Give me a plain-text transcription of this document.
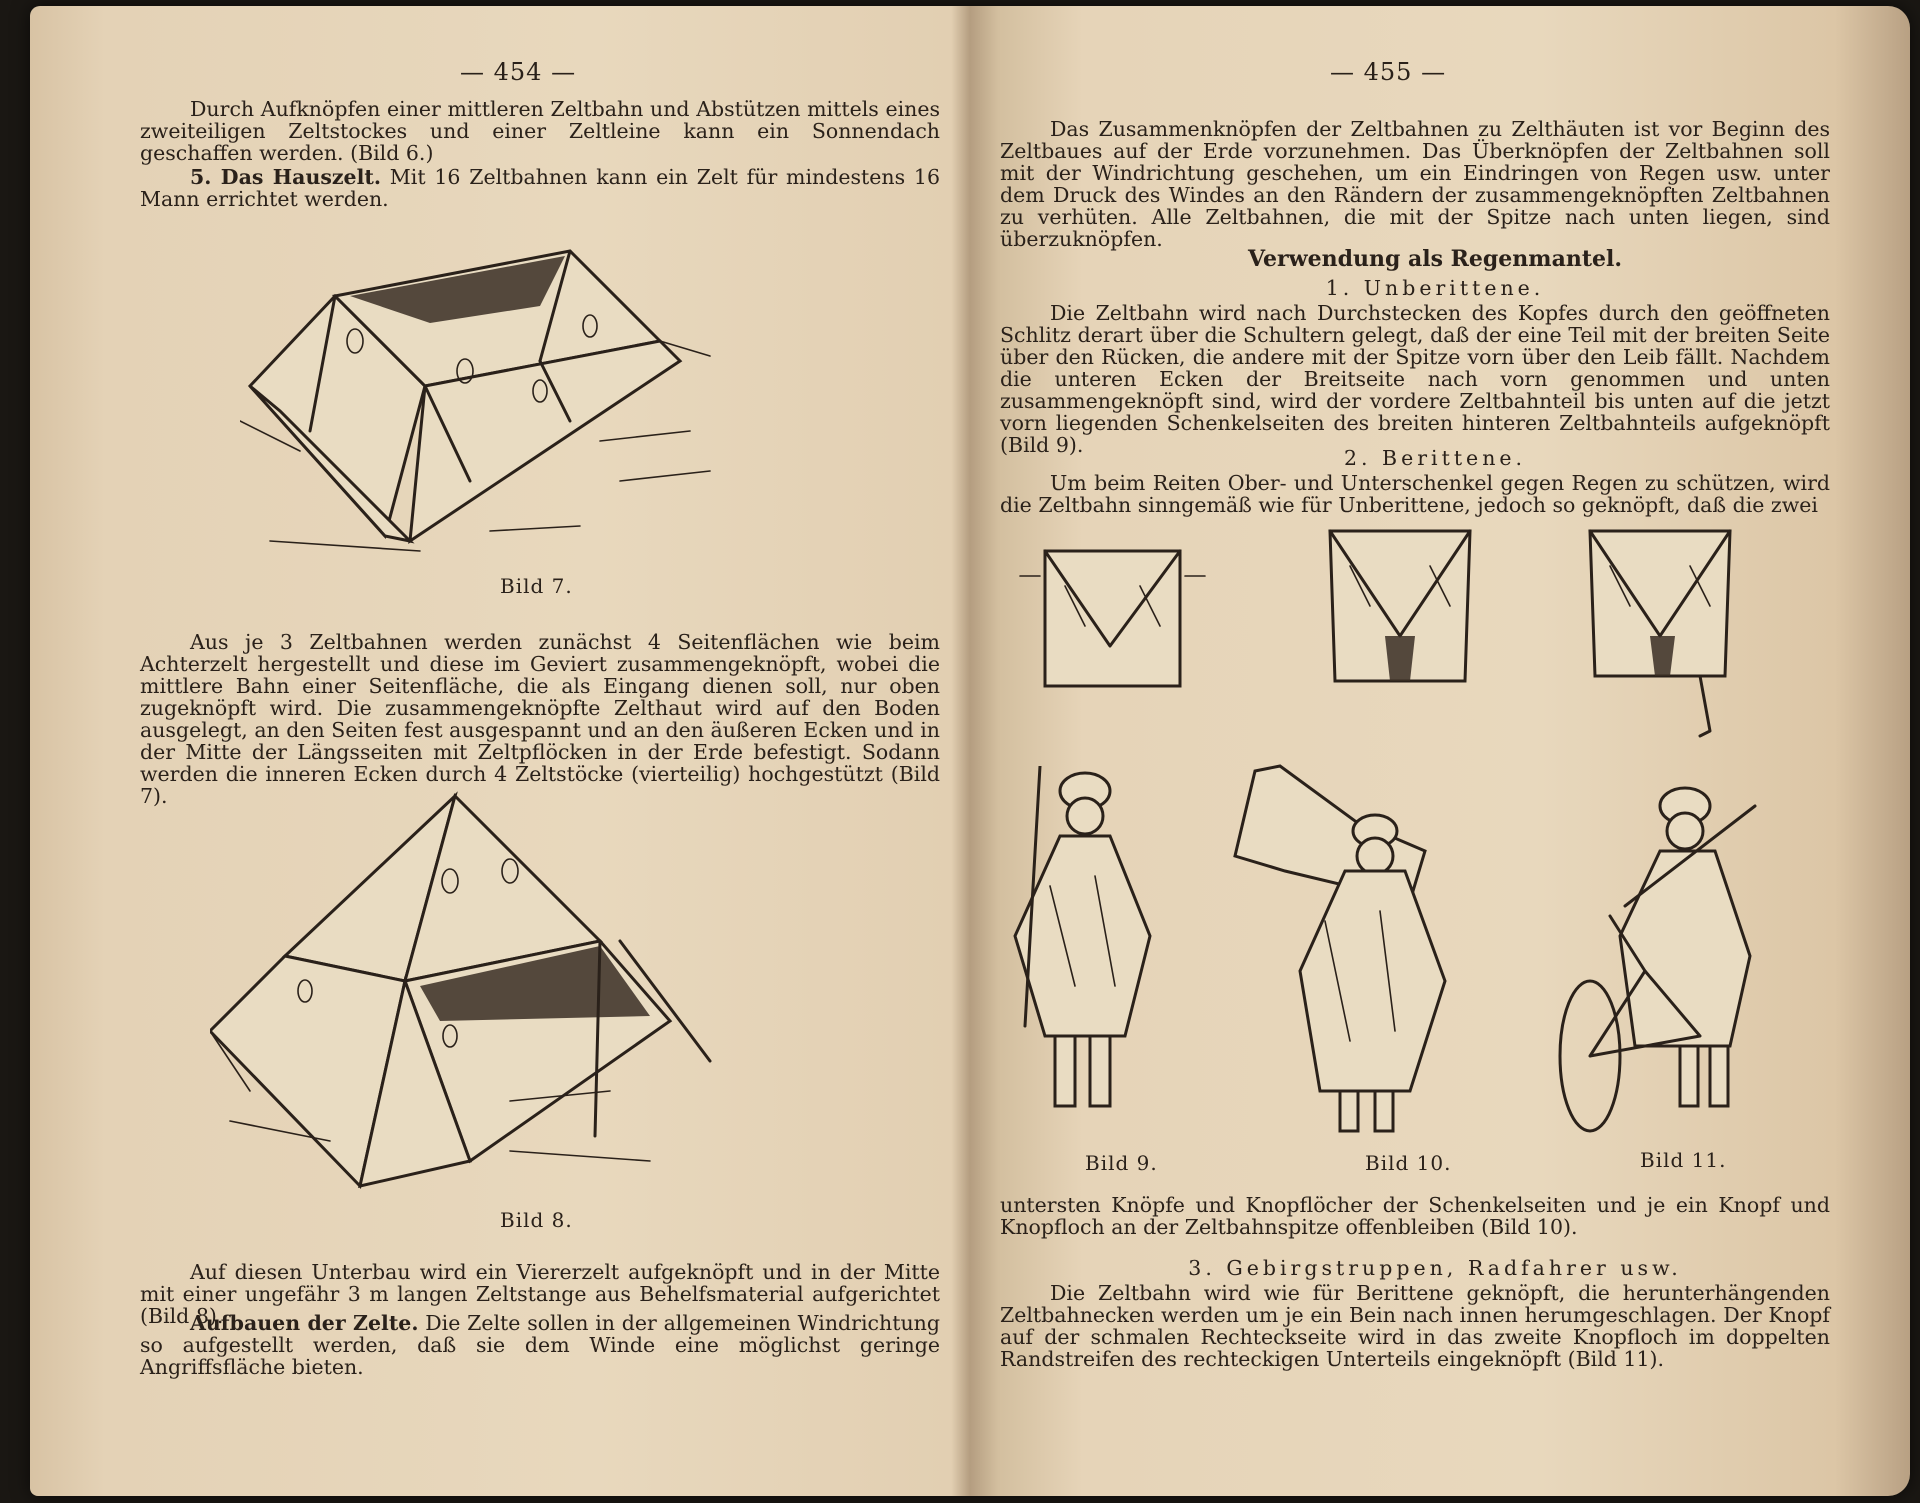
— 454 —

Durch Aufknöpfen einer mittleren Zeltbahn und Abstützen mittels eines zweiteiligen Zeltstockes und einer Zeltleine kann ein Sonnendach geschaffen werden. (Bild 6.)

5. Das Hauszelt. Mit 16 Zeltbahnen kann ein Zelt für mindestens 16 Mann errichtet werden.

Bild 7.

Aus je 3 Zeltbahnen werden zunächst 4 Seitenflächen wie beim Achterzelt hergestellt und diese im Geviert zusammengeknöpft, wobei die mittlere Bahn einer Seitenfläche, die als Eingang dienen soll, nur oben zugeknöpft wird. Die zusammengeknöpfte Zelthaut wird auf den Boden ausgelegt, an den Seiten fest ausgespannt und an den äußeren Ecken und in der Mitte der Längsseiten mit Zeltpflöcken in der Erde befestigt. Sodann werden die inneren Ecken durch 4 Zeltstöcke (vierteilig) hochgestützt (Bild 7).

Bild 8.

Auf diesen Unterbau wird ein Viererzelt aufgeknöpft und in der Mitte mit einer ungefähr 3 m langen Zeltstange aus Behelfsmaterial aufgerichtet (Bild 8).

Aufbauen der Zelte. Die Zelte sollen in der allgemeinen Windrichtung so aufgestellt werden, daß sie dem Winde eine möglichst geringe Angriffsfläche bieten.

— 455 —

Das Zusammenknöpfen der Zeltbahnen zu Zelthäuten ist vor Beginn des Zeltbaues auf der Erde vorzunehmen. Das Überknöpfen der Zeltbahnen soll mit der Windrichtung geschehen, um ein Eindringen von Regen usw. unter dem Druck des Windes an den Rändern der zusammengeknöpften Zeltbahnen zu verhüten. Alle Zeltbahnen, die mit der Spitze nach unten liegen, sind überzuknöpfen.

Verwendung als Regenmantel.
1. Unberittene.

Die Zeltbahn wird nach Durchstecken des Kopfes durch den geöffneten Schlitz derart über die Schultern gelegt, daß der eine Teil mit der breiten Seite über den Rücken, die andere mit der Spitze vorn über den Leib fällt. Nachdem die unteren Ecken der Breitseite nach vorn genommen und unten zusammengeknöpft sind, wird der vordere Zeltbahnteil bis unten auf die jetzt vorn liegenden Schenkelseiten des breiten hinteren Zeltbahnteils aufgeknöpft (Bild 9).

2. Berittene.

Um beim Reiten Ober- und Unterschenkel gegen Regen zu schützen, wird die Zeltbahn sinngemäß wie für Unberittene, jedoch so geknöpft, daß die zwei

Bild 9.	Bild 10.	Bild 11.

untersten Knöpfe und Knopflöcher der Schenkelseiten und je ein Knopf und Knopfloch an der Zeltbahnspitze offenbleiben (Bild 10).

3. Gebirgstruppen, Radfahrer usw.

Die Zeltbahn wird wie für Berittene geknöpft, die herunterhängenden Zeltbahnecken werden um je ein Bein nach innen herumgeschlagen. Der Knopf auf der schmalen Rechteckseite wird in das zweite Knopfloch im doppelten Randstreifen des rechteckigen Unterteils eingeknöpft (Bild 11).
